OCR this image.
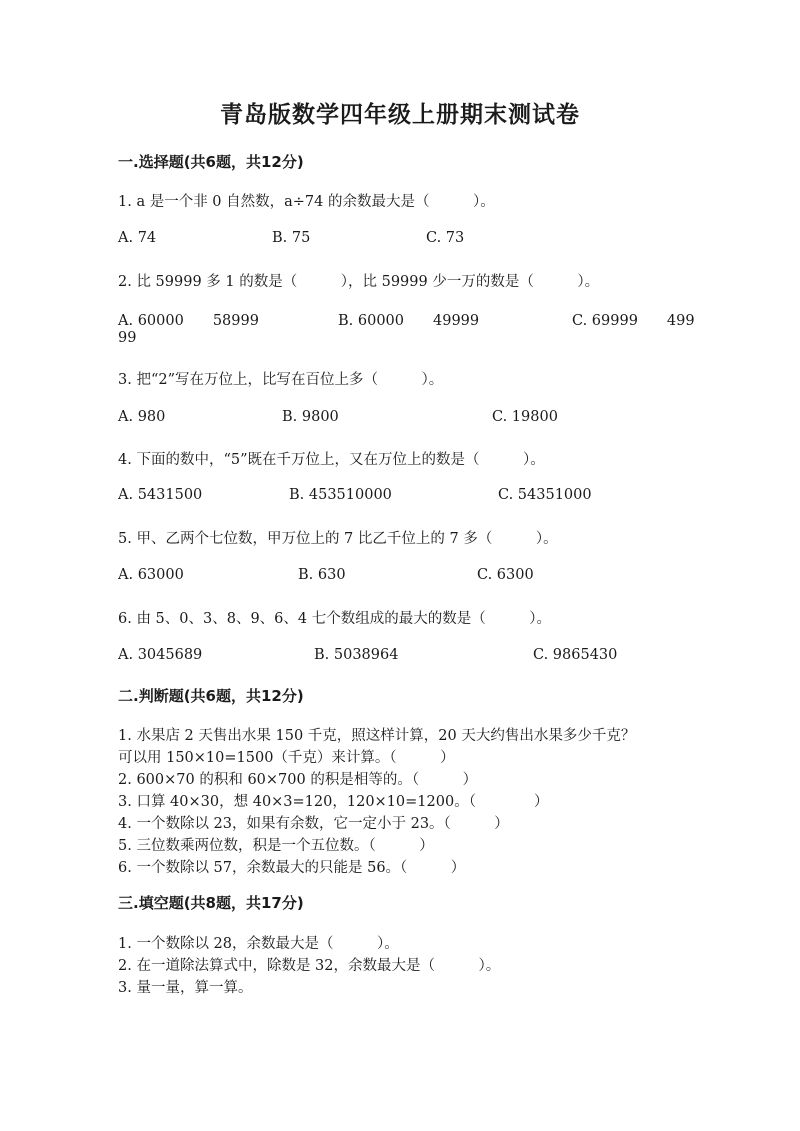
青岛版数学四年级上册期末测试卷
一.选择题(共6题，共12分)
1. a 是一个非 0 自然数，a÷74 的余数最大是（　　　）。
A. 74	B. 75	C. 73
2. 比 59999 多 1 的数是（　　　），比 59999 少一万的数是（　　　）。
A. 60000　　58999	B. 60000　　49999	C. 69999　　499
99
3. 把“2”写在万位上，比写在百位上多（　　　）。
A. 980	B. 9800	C. 19800
4. 下面的数中，“5”既在千万位上，又在万位上的数是（　　　）。
A. 5431500	B. 453510000	C. 54351000
5. 甲、乙两个七位数，甲万位上的 7 比乙千位上的 7 多（　　　）。
A. 63000	B. 630	C. 6300
6. 由 5、0、3、8、9、6、4 七个数组成的最大的数是（　　　）。
A. 3045689	B. 5038964	C. 9865430
二.判断题(共6题，共12分)
1. 水果店 2 天售出水果 150 千克，照这样计算，20 天大约售出水果多少千克？
可以用 150×10=1500（千克）来计算。（　　　）
2. 600×70 的积和 60×700 的积是相等的。（　　　）
3. 口算 40×30，想 40×3=120，120×10=1200。（　　　　）
4. 一个数除以 23，如果有余数，它一定小于 23。（　　　）
5. 三位数乘两位数，积是一个五位数。（　　　）
6. 一个数除以 57，余数最大的只能是 56。（　　　）
三.填空题(共8题，共17分)
1. 一个数除以 28，余数最大是（　　　）。
2. 在一道除法算式中，除数是 32，余数最大是（　　　）。
3. 量一量，算一算。
